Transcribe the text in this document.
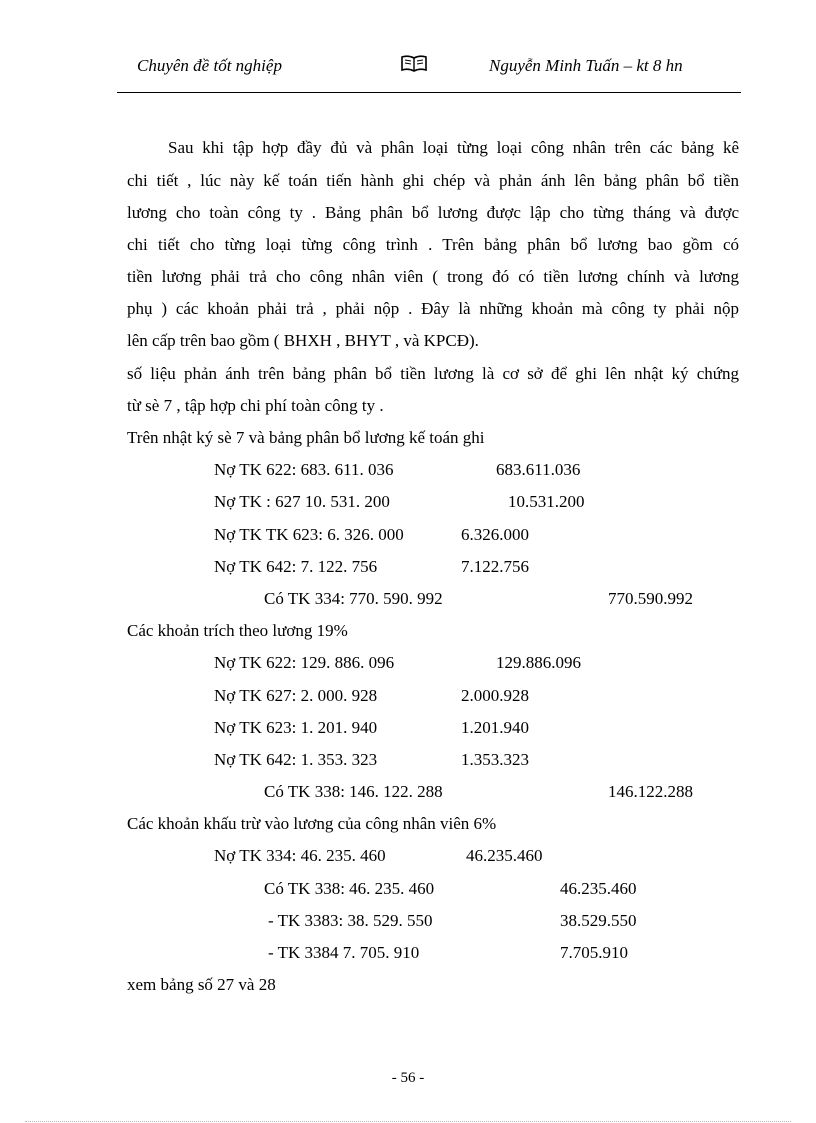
Chuyên đề tốt nghiệp	Nguyễn Minh Tuấn – kt 8 hn
Sau khi tập hợp đầy đủ và phân loại từng loại công nhân trên các bảng kê
chi tiết , lúc này kế toán tiến hành ghi chép và phản ánh lên bảng phân bổ tiền
lương cho toàn công ty . Bảng phân bổ lương được lập cho từng tháng và được
chi tiết cho từng loại từng công trình . Trên bảng phân bổ lương bao gồm có
tiền lương phải trả cho công nhân viên ( trong đó có tiền lương chính và lương
phụ ) các khoản phải trả , phải nộp . Đây là những khoản mà công ty phải nộp
lên cấp trên bao gồm ( BHXH , BHYT , và KPCĐ).
số liệu phản ánh trên bảng phân bổ tiền lương là cơ sở để ghi lên nhật ký chứng
từ sè 7 , tập hợp chi phí toàn công ty .
Trên nhật ký sè 7 và bảng phân bổ lương kế toán ghi
Nợ TK 622: 683. 611. 036	683.611.036
Nợ TK : 627 10. 531. 200	10.531.200
Nợ TK TK 623: 6. 326. 000	6.326.000
Nợ TK 642: 7. 122. 756	7.122.756
Có TK 334: 770. 590. 992	770.590.992
Các khoản trích theo lương 19%
Nợ TK 622: 129. 886. 096	129.886.096
Nợ TK 627: 2. 000. 928	2.000.928
Nợ TK 623: 1. 201. 940	1.201.940
Nợ TK 642: 1. 353. 323	1.353.323
Có TK 338: 146. 122. 288	146.122.288
Các khoản khấu trừ vào lương của công nhân viên 6%
Nợ TK 334: 46. 235. 460	46.235.460
Có TK 338: 46. 235. 460	46.235.460
- TK 3383: 38. 529. 550	38.529.550
- TK 3384 7. 705. 910	7.705.910
xem bảng số 27 và 28
- 56 -
